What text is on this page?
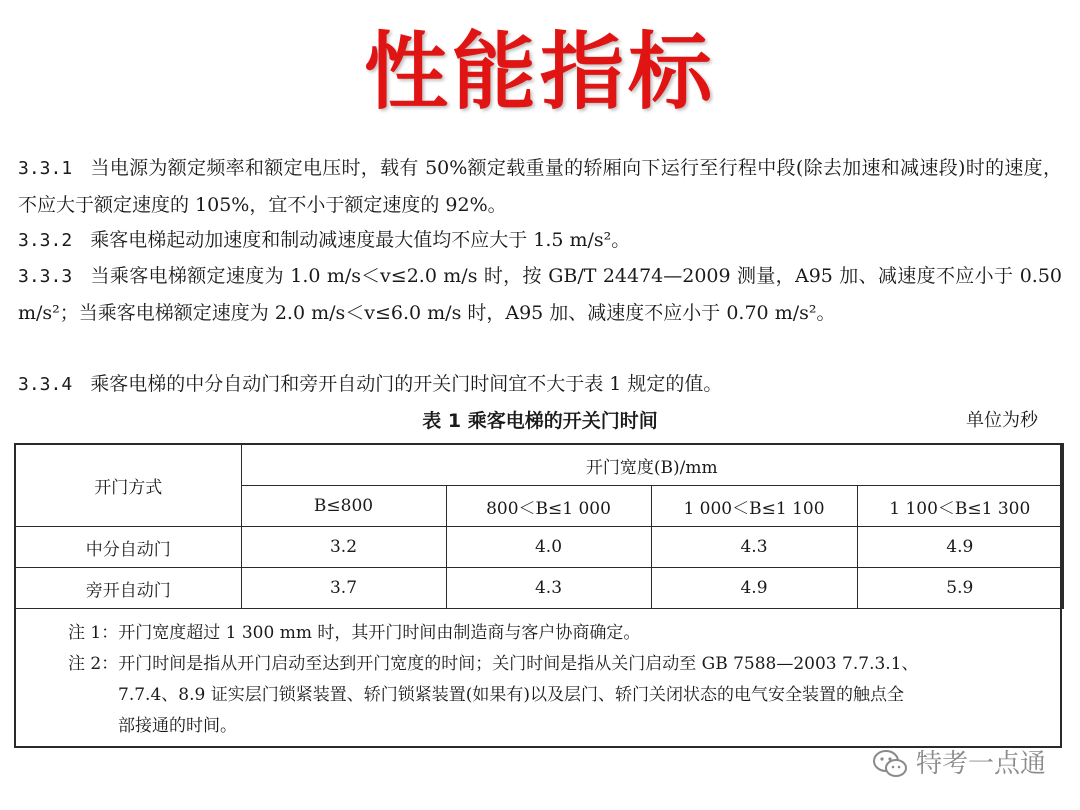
性能指标
3.3.1 当电源为额定频率和额定电压时，载有 50%额定载重量的轿厢向下运行至行程中段(除去加速和减速段)时的速度，不应大于额定速度的 105%，宜不小于额定速度的 92%。
3.3.2 乘客电梯起动加速度和制动减速度最大值均不应大于 1.5 m/s²。
3.3.3 当乘客电梯额定速度为 1.0 m/s＜v≤2.0 m/s 时，按 GB/T 24474—2009 测量，A95 加、减速度不应小于 0.50 m/s²；当乘客电梯额定速度为 2.0 m/s＜v≤6.0 m/s 时，A95 加、减速度不应小于 0.70 m/s²。
3.3.4 乘客电梯的中分自动门和旁开自动门的开关门时间宜不大于表 1 规定的值。
表 1 乘客电梯的开关门时间	单位为秒
开门方式	开门宽度(B)/mm			
	B≤800	800＜B≤1 000	1 000＜B≤1 100	1 100＜B≤1 300
中分自动门	3.2	4.0	4.3	4.9
旁开自动门	3.7	4.3	4.9	5.9
注 1：开门宽度超过 1 300 mm 时，其开门时间由制造商与客户协商确定。
注 2：开门时间是指从开门启动至达到开门宽度的时间；关门时间是指从关门启动至 GB 7588—2003 7.7.3.1、
7.7.4、8.9 证实层门锁紧装置、轿门锁紧装置(如果有)以及层门、轿门关闭状态的电气安全装置的触点全
部接通的时间。
特考一点通
